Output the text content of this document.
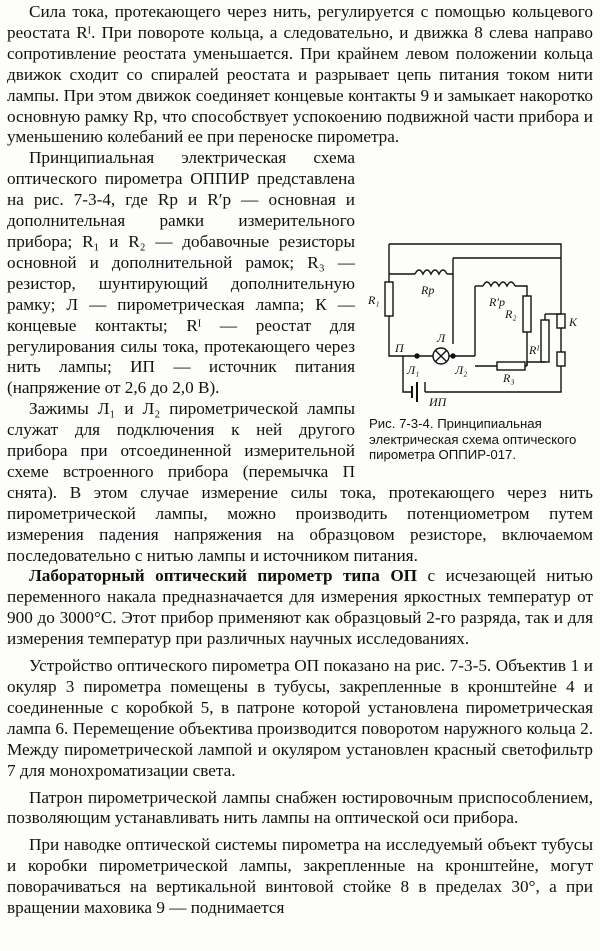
Сила тока, протекающего через нить, регулируется с помощью кольцевого реостата Rᴵ. При повороте кольца, а следовательно, и движка 8 слева направо сопротивление реостата уменьшается. При крайнем левом положении кольца движок сходит со спиралей реостата и разрывает цепь питания током нити лампы. При этом движок соединяет концевые контакты 9 и замыкает накоротко основную рамку Rр, что способствует успокоению подвижной части прибора и уменьшению колебаний ее при переноске пирометра.

R₁
Rр
R′р
R₂
К
Rᴵ
П
Л
Л₁	Л₂
R₃
ИП
Рис. 7-3-4. Принципиальная электрическая схема оптического пирометра ОППИР-017.

Принципиальная электрическая схема оптического пирометра ОППИР представлена на рис. 7-3-4, где Rр и R′р — основная и дополнительная рамки измерительного прибора; R₁ и R₂ — добавочные резисторы основной и дополнительной рамок; R₃ — резистор, шунтирующий дополнительную рамку; Л — пирометрическая лампа; К — концевые контакты; Rᴵ — реостат для регулирования силы тока, протекающего через нить лампы; ИП — источник питания (напряжение от 2,6 до 2,0 В).

Зажимы Л₁ и Л₂ пирометрической лампы служат для подключения к ней другого прибора при отсоединенной измерительной схеме встроенного прибора (перемычка П снята). В этом случае измерение силы тока, протекающего через нить пирометрической лампы, можно производить потенциометром путем измерения падения напряжения на образцовом резисторе, включаемом последовательно с нитью лампы и источником питания.

Лабораторный оптический пирометр типа ОП с исчезающей нитью переменного накала предназначается для измерения яркостных температур от 900 до 3000°С. Этот прибор применяют как образцовый 2-го разряда, так и для измерения температур при различных научных исследованиях.

Устройство оптического пирометра ОП показано на рис. 7-3-5. Объектив 1 и окуляр 3 пирометра помещены в тубусы, закрепленные в кронштейне 4 и соединенные с коробкой 5, в патроне которой установлена пирометрическая лампа 6. Перемещение объектива производится поворотом наружного кольца 2. Между пирометрической лампой и окуляром установлен красный светофильтр 7 для монохроматизации света.

Патрон пирометрической лампы снабжен юстировочным приспособлением, позволяющим устанавливать нить лампы на оптической оси прибора.

При наводке оптической системы пирометра на исследуемый объект тубусы и коробки пирометрической лампы, закрепленные на кронштейне, могут поворачиваться на вертикальной винтовой стойке 8 в пределах 30°, а при вращении маховика 9 — поднимается
